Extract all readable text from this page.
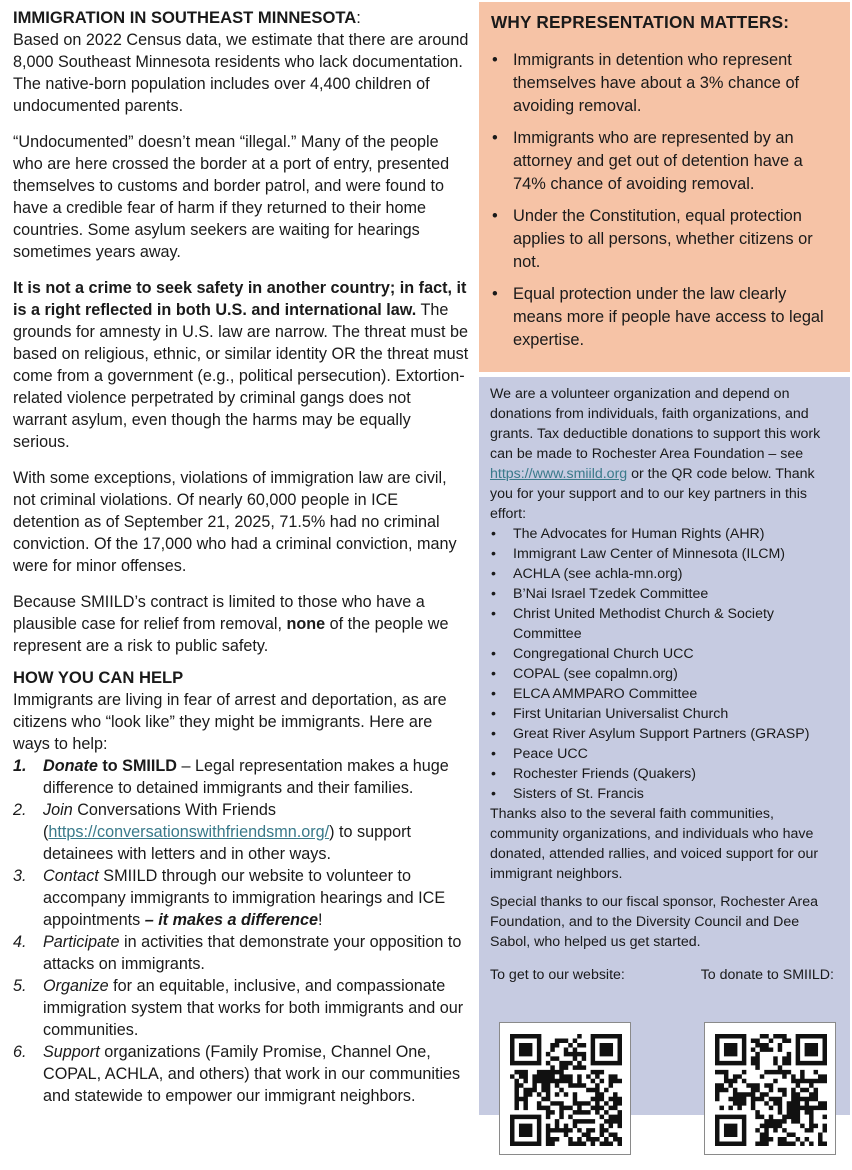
IMMIGRATION IN SOUTHEAST MINNESOTA:

Based on 2022 Census data, we estimate that there are around 8,000 Southeast Minnesota residents who lack documentation. The native-born population includes over 4,400 children of undocumented parents.

“Undocumented” doesn’t mean “illegal.” Many of the people who are here crossed the border at a port of entry, presented themselves to customs and border patrol, and were found to have a credible fear of harm if they returned to their home countries. Some asylum seekers are waiting for hearings sometimes years away.

It is not a crime to seek safety in another country; in fact, it is a right reflected in both U.S. and international law. The grounds for amnesty in U.S. law are narrow. The threat must be based on religious, ethnic, or similar identity OR the threat must come from a government (e.g., political persecution). Extortion-related violence perpetrated by criminal gangs does not warrant asylum, even though the harms may be equally serious.

With some exceptions, violations of immigration law are civil, not criminal violations. Of nearly 60,000 people in ICE detention as of September 21, 2025, 71.5% had no criminal conviction. Of the 17,000 who had a criminal conviction, many were for minor offenses.

Because SMIILD’s contract is limited to those who have a plausible case for relief from removal, none of the people we represent are a risk to public safety.

HOW YOU CAN HELP
Immigrants are living in fear of arrest and deportation, as are citizens who “look like” they might be immigrants. Here are ways to help:
1. Donate to SMIILD – Legal representation makes a huge difference to detained immigrants and their families.
2. Join Conversations With Friends (https://conversationswithfriendsmn.org/) to support detainees with letters and in other ways.
3. Contact SMIILD through our website to volunteer to accompany immigrants to immigration hearings and ICE appointments – it makes a difference!
4. Participate in activities that demonstrate your opposition to attacks on immigrants.
5. Organize for an equitable, inclusive, and compassionate immigration system that works for both immigrants and our communities.
6. Support organizations (Family Promise, Channel One, COPAL, ACHLA, and others) that work in our communities and statewide to empower our immigrant neighbors.
WHY REPRESENTATION MATTERS:
• Immigrants in detention who represent themselves have about a 3% chance of avoiding removal.
• Immigrants who are represented by an attorney and get out of detention have a 74% chance of avoiding removal.
• Under the Constitution, equal protection applies to all persons, whether citizens or not.
• Equal protection under the law clearly means more if people have access to legal expertise.

We are a volunteer organization and depend on donations from individuals, faith organizations, and grants. Tax deductible donations to support this work can be made to Rochester Area Foundation – see https://www.smiild.org or the QR code below. Thank you for your support and to our key partners in this effort:

• The Advocates for Human Rights (AHR)
• Immigrant Law Center of Minnesota (ILCM)
• ACHLA (see achla-mn.org)
• B’Nai Israel Tzedek Committee
• Christ United Methodist Church & Society Committee
• Congregational Church UCC
• COPAL (see copalmn.org)
• ELCA AMMPARO Committee
• First Unitarian Universalist Church
• Great River Asylum Support Partners (GRASP)
• Peace UCC
• Rochester Friends (Quakers)
• Sisters of St. Francis

Thanks also to the several faith communities, community organizations, and individuals who have donated, attended rallies, and voiced support for our immigrant neighbors.

Special thanks to our fiscal sponsor, Rochester Area Foundation, and to the Diversity Council and Dee Sabol, who helped us get started.

To get to our website:	To donate to SMIILD:
